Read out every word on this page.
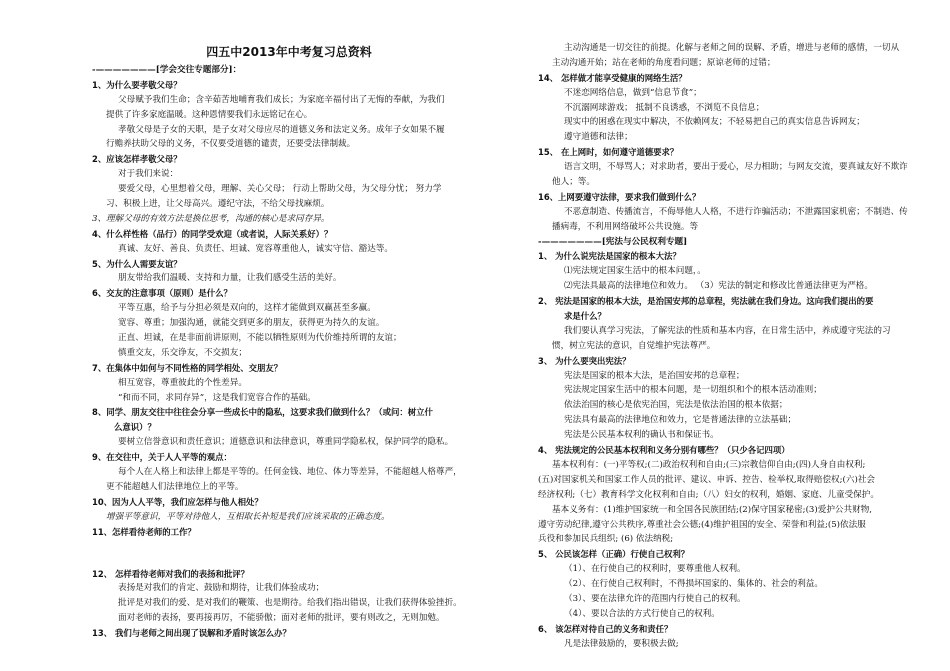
四五中2013年中考复习总资料
-———————[学会交往专题部分]：
1、为什么要孝敬父母？
父母赋予我们生命；含辛茹苦地哺育我们成长；为家庭辛福付出了无悔的奉献，为我们
提供了许多家庭温暖。这种恩情要我们永远铭记在心。
孝敬父母是子女的天职，是子女对父母应尽的道德义务和法定义务。成年子女如果不履
行赡养扶助父母的义务，不仅要受道德的谴责，还要受法律制裁。
2、应该怎样孝敬父母？
对于我们来说：
要爱父母，心里想着父母，理解、关心父母； 行动上帮助父母，为父母分忧； 努力学
习、积极上进，让父母高兴。遵纪守法，不给父母找麻烦。
3、理解父母的有效方法是换位思考，沟通的核心是求同存异。
4、什么样性格（品行）的同学受欢迎（或者说，人际关系好）？
真诚、友好、善良、负责任、坦诚、宽容尊重他人，诚实守信、豁达等。
5、为什么人需要友谊？
朋友带给我们温暖、支持和力量，让我们感受生活的美好。
6、交友的注意事项（原则）是什么？
平等互惠，给予与分担必须是双向的，这样才能做到双赢甚至多赢。
宽容、尊重；加强沟通，就能交到更多的朋友，获得更为持久的友谊。
正直、坦诚，在是非面前讲原则，不能以牺牲原则为代价维持所谓的友谊；
慎重交友，乐交诤友，不交损友；
7、在集体中如何与不同性格的同学相处、交朋友？
相互宽容，尊重彼此的个性差异。
“和而不同，求同存异”，这是我们宽容合作的基础。
8、同学、朋友交往中往往会分享一些成长中的隐私，这要求我们做到什么？（或问：树立什
么意识）？
要树立信誉意识和责任意识；道德意识和法律意识，尊重同学隐私权，保护同学的隐私。
9、在交往中，关于人人平等的观点：
每个人在人格上和法律上都是平等的。任何金钱、地位、体力等差异，不能超越人格尊严，
更不能超越人们法律地位上的平等。
10、因为人人平等，我们应怎样与他人相处？
增强平等意识，平等对待他人，互相取长补短是我们应该采取的正确态度。
11、怎样看待老师的工作？
12、 怎样看待老师对我们的表扬和批评？
表扬是对我们的肯定、鼓励和期待，让我们体验成功；
批评是对我们的爱、是对我们的鞭策、也是期待。给我们指出错误，让我们获得体验挫折。
面对老师的表扬，要再接再厉，不能骄傲；面对老师的批评，要有则改之，无则加勉。
13、 我们与老师之间出现了误解和矛盾时该怎么办？
主动沟通是一切交往的前提。化解与老师之间的误解、矛盾，增进与老师的感情，一切从
主动沟通开始；站在老师的角度看问题；原谅老师的过错；
14、 怎样做才能享受健康的网络生活？
不迷恋网络信息，做到“信息节食”；
不沉溺网球游戏； 抵制不良诱惑，不浏览不良信息；
现实中的困惑在现实中解决，不依赖网友；不轻易把自己的真实信息告诉网友；
遵守道德和法律；
15、 在上网时，如何遵守道德要求？
语言文明，不辱骂人；对求助者，要出于爱心，尽力相助；与网友交流，要真诚友好不欺诈
他人；等。
16、上网要遵守法律，要求我们做到什么？
不恶意制造、传播流言，不侮辱他人人格，不进行诈骗活动；不泄露国家机密；不制造、传
播病毒，不利用网络破坏公共设施。等
-———————[宪法与公民权利专题]
1、 为什么说宪法是国家的根本大法？
⑴宪法规定国家生活中的根本问题，。
⑵宪法具最高的法律地位和效力。 （3）宪法的制定和修改比普通法律更为严格。
2、 宪法是国家的根本大法，是治国安邦的总章程，宪法就在我们身边。这向我们提出的要
求是什么？
我们要认真学习宪法，了解宪法的性质和基本内容，在日常生活中，养成遵守宪法的习
惯，树立宪法的意识，自觉维护宪法尊严。
3、 为什么要突出宪法？
宪法是国家的根本大法，是治国安邦的总章程；
宪法规定国家生活中的根本问题，是一切组织和个的根本活动准则；
依法治国的核心是依宪治国，宪法是依法治国的根本依据；
宪法具有最高的法律地位和效力，它是普通法律的立法基础；
宪法是公民基本权利的确认书和保证书。
4、 宪法规定的公民基本权利和义务分别有哪些？（只少各记四项）
基本权利有：(一)平等权;(二)政治权利和自由;(三)宗教信仰自由;(四)人身自由权利;
(五)对国家机关和国家工作人员的批评、建议、申诉、控告、检举权,取得赔偿权;(六)社会
经济权利;（七）教育科学文化权利和自由;（八）妇女的权利，婚姻、家庭、儿童受保护。
基本义务有：(1)维护国家统一和全国各民族团结;(2)保守国家秘密;(3)爱护公共财物,
遵守劳动纪律,遵守公共秩序,尊重社会公德;(4)维护祖国的安全、荣誉和利益;(5)依法服
兵役和参加民兵组织; (6) 依法纳税;
5、 公民该怎样（正确）行使自己权利？
（1）、在行使自己的权利时，要尊重他人权利。
（2）、在行使自己权利时，不得损坏国家的、集体的、社会的利益。
（3）、要在法律允许的范围内行使自己的权利。
（4）、要以合法的方式行使自己的权利。
6、 该怎样对待自己的义务和责任？
凡是法律鼓励的，要积极去做;
